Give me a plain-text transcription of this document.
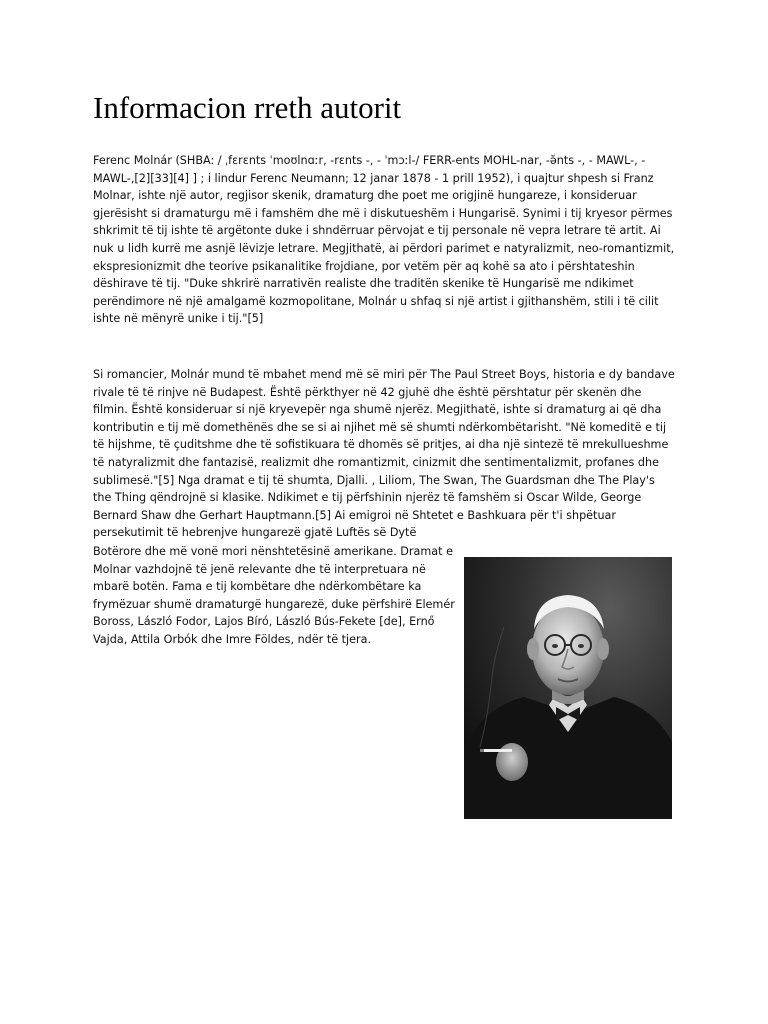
Informacion rreth autorit

Ferenc Molnár (SHBA: / ˌfɛrɛnts ˈmoʊlnɑːr, -rɛnts -, - ˈmɔːl-/ FERR-ents MOHL-nar, -ə̆nts -, - MAWL-, - MAWL-,[2][33][4] ] ; i lindur Ferenc Neumann; 12 janar 1878 - 1 prill 1952), i quajtur shpesh si Franz Molnar, ishte një autor, regjisor skenik, dramaturg dhe poet me origjinë hungareze, i konsideruar gjerësisht si dramaturgu më i famshëm dhe më i diskutueshëm i Hungarisë. Synimi i tij kryesor përmes shkrimit të tij ishte të argëtonte duke i shndërruar përvojat e tij personale në vepra letrare të artit. Ai nuk u lidh kurrë me asnjë lëvizje letrare. Megjithatë, ai përdori parimet e natyralizmit, neo-romantizmit, ekspresionizmit dhe teorive psikanalitike frojdiane, por vetëm për aq kohë sa ato i përshtateshin dëshirave të tij. "Duke shkrirë narrativën realiste dhe traditën skenike të Hungarisë me ndikimet perëndimore në një amalgamë kozmopolitane, Molnár u shfaq si një artist i gjithanshëm, stili i të cilit ishte në mënyrë unike i tij."[5]

Si romancier, Molnár mund të mbahet mend më së miri për The Paul Street Boys, historia e dy bandave rivale të të rinjve në Budapest. Është përkthyer në 42 gjuhë dhe është përshtatur për skenën dhe filmin. Është konsideruar si një kryevepër nga shumë njerëz. Megjithatë, ishte si dramaturg ai që dha kontributin e tij më domethënës dhe se si ai njihet më së shumti ndërkombëtarisht. "Në komeditë e tij të hijshme, të çuditshme dhe të sofistikuara të dhomës së pritjes, ai dha një sintezë të mrekullueshme të natyralizmit dhe fantazisë, realizmit dhe romantizmit, cinizmit dhe sentimentalizmit, profanes dhe sublimesë."[5] Nga dramat e tij të shumta, Djalli. , Liliom, The Swan, The Guardsman dhe The Play's the Thing qëndrojnë si klasike. Ndikimet e tij përfshinin njerëz të famshëm si Oscar Wilde, George Bernard Shaw dhe Gerhart Hauptmann.[5] Ai emigroi në Shtetet e Bashkuara për t'i shpëtuar persekutimit të hebrenjve hungarezë gjatë Luftës së Dytë

Botërore dhe më vonë mori nënshtetësinë amerikane. Dramat e Molnar vazhdojnë të jenë relevante dhe të interpretuara në mbarë botën. Fama e tij kombëtare dhe ndërkombëtare ka frymëzuar shumë dramaturgë hungarezë, duke përfshirë Elemér Boross, László Fodor, Lajos Bíró, László Bús-Fekete [de], Ernő Vajda, Attila Orbók dhe Imre Földes, ndër të tjera.
